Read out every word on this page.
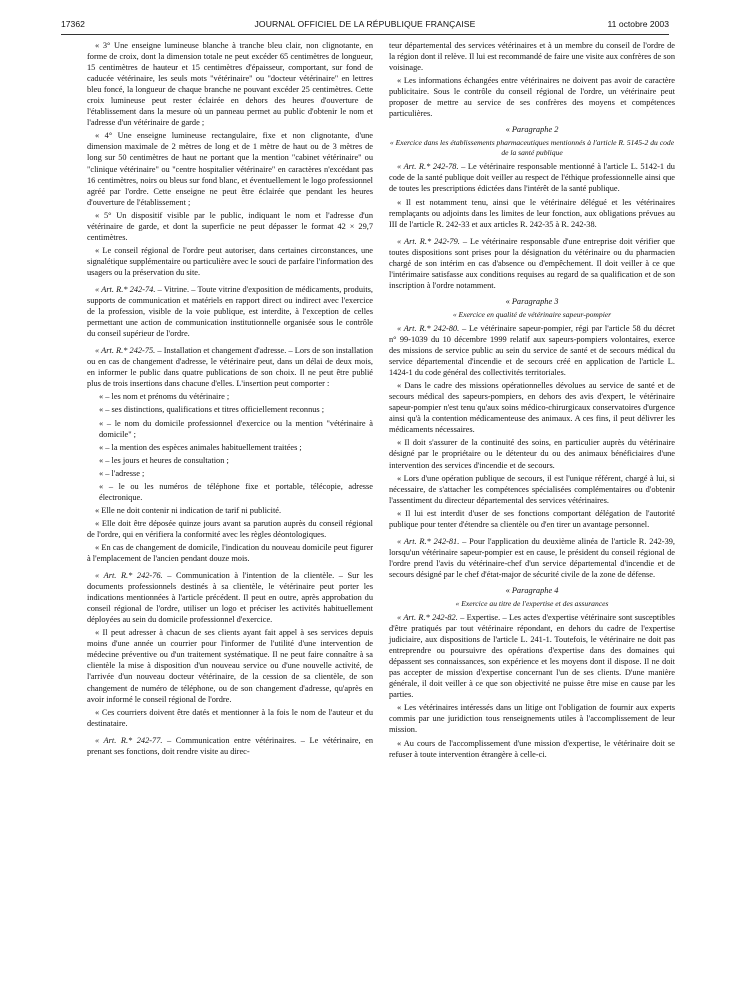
17362	JOURNAL OFFICIEL DE LA RÉPUBLIQUE FRANÇAISE	11 octobre 2003

« 3° Une enseigne lumineuse blanche à tranche bleu clair, non clignotante, en forme de croix, dont la dimension totale ne peut excéder 65 centimètres de longueur, 15 centimètres de hauteur et 15 centimètres d'épaisseur, comportant, sur fond de caducée vétérinaire, les seuls mots "vétérinaire" ou "docteur vétérinaire" en lettres bleu foncé, la longueur de chaque branche ne pouvant excéder 25 centimètres. Cette croix lumineuse peut rester éclairée en dehors des heures d'ouverture de l'établissement dans la mesure où un panneau permet au public d'obtenir le nom et l'adresse d'un vétérinaire de garde ;

« 4° Une enseigne lumineuse rectangulaire, fixe et non clignotante, d'une dimension maximale de 2 mètres de long et de 1 mètre de haut ou de 3 mètres de long sur 50 centimètres de haut ne portant que la mention "cabinet vétérinaire" ou "clinique vétérinaire" ou "centre hospitalier vétérinaire" en caractères n'excédant pas 16 centimètres, noirs ou bleus sur fond blanc, et éventuellement le logo professionnel agréé par l'ordre. Cette enseigne ne peut être éclairée que pendant les heures d'ouverture de l'établissement ;

« 5° Un dispositif visible par le public, indiquant le nom et l'adresse d'un vétérinaire de garde, et dont la superficie ne peut dépasser le format 42 × 29,7 centimètres.

« Le conseil régional de l'ordre peut autoriser, dans certaines circonstances, une signalétique supplémentaire ou particulière avec le souci de parfaire l'information des usagers ou la préservation du site.

« Art. R.* 242-74. – Vitrine. – Toute vitrine d'exposition de médicaments, produits, supports de communication et matériels en rapport direct ou indirect avec l'exercice de la profession, visible de la voie publique, est interdite, à l'exception de celles permettant une action de communication institutionnelle organisée sous le contrôle du conseil supérieur de l'ordre.

« Art. R.* 242-75. – Installation et changement d'adresse. – Lors de son installation ou en cas de changement d'adresse, le vétérinaire peut, dans un délai de deux mois, en informer le public dans quatre publications de son choix. Il ne peut être publié plus de trois insertions dans chacune d'elles. L'insertion peut comporter :

« – les nom et prénoms du vétérinaire ;

« – ses distinctions, qualifications et titres officiellement reconnus ;

« – le nom du domicile professionnel d'exercice ou la mention "vétérinaire à domicile" ;

« – la mention des espèces animales habituellement traitées ;

« – les jours et heures de consultation ;

« – l'adresse ;

« – le ou les numéros de téléphone fixe et portable, télécopie, adresse électronique.

« Elle ne doit contenir ni indication de tarif ni publicité.

« Elle doit être déposée quinze jours avant sa parution auprès du conseil régional de l'ordre, qui en vérifiera la conformité avec les règles déontologiques.

« En cas de changement de domicile, l'indication du nouveau domicile peut figurer à l'emplacement de l'ancien pendant douze mois.

« Art. R.* 242-76. – Communication à l'intention de la clientèle. – Sur les documents professionnels destinés à sa clientèle, le vétérinaire peut porter les indications mentionnées à l'article précédent. Il peut en outre, après approbation du conseil régional de l'ordre, utiliser un logo et préciser les activités habituellement déployées au sein du domicile professionnel d'exercice.

« Il peut adresser à chacun de ses clients ayant fait appel à ses services depuis moins d'une année un courrier pour l'informer de l'utilité d'une intervention de médecine préventive ou d'un traitement systématique. Il ne peut faire connaître à sa clientèle la mise à disposition d'un nouveau service ou d'une nouvelle activité, de l'arrivée d'un nouveau docteur vétérinaire, de la cession de sa clientèle, de son changement de numéro de téléphone, ou de son changement d'adresse, qu'après en avoir informé le conseil régional de l'ordre.

« Ces courriers doivent être datés et mentionner à la fois le nom de l'auteur et du destinataire.

« Art. R.* 242-77. – Communication entre vétérinaires. – Le vétérinaire, en prenant ses fonctions, doit rendre visite au direc-

teur départemental des services vétérinaires et à un membre du conseil de l'ordre de la région dont il relève. Il lui est recommandé de faire une visite aux confrères de son voisinage.

« Les informations échangées entre vétérinaires ne doivent pas avoir de caractère publicitaire. Sous le contrôle du conseil régional de l'ordre, un vétérinaire peut proposer de mettre au service de ses confrères des moyens et compétences particulières.

« Paragraphe 2

« Exercice dans les établissements pharmaceutiques mentionnés à l'article R. 5145-2 du code de la santé publique

« Art. R.* 242-78. – Le vétérinaire responsable mentionné à l'article L. 5142-1 du code de la santé publique doit veiller au respect de l'éthique professionnelle ainsi que de toutes les prescriptions édictées dans l'intérêt de la santé publique.

« Il est notamment tenu, ainsi que le vétérinaire délégué et les vétérinaires remplaçants ou adjoints dans les limites de leur fonction, aux obligations prévues au III de l'article R. 242-33 et aux articles R. 242-35 à R. 242-38.

« Art. R.* 242-79. – Le vétérinaire responsable d'une entreprise doit vérifier que toutes dispositions sont prises pour la désignation du vétérinaire ou du pharmacien chargé de son intérim en cas d'absence ou d'empêchement. Il doit veiller à ce que l'intérimaire satisfasse aux conditions requises au regard de sa qualification et de son inscription à l'ordre notamment.

« Paragraphe 3

« Exercice en qualité de vétérinaire sapeur-pompier

« Art. R.* 242-80. – Le vétérinaire sapeur-pompier, régi par l'article 58 du décret n° 99-1039 du 10 décembre 1999 relatif aux sapeurs-pompiers volontaires, exerce des missions de service public au sein du service de santé et de secours médical du service départemental d'incendie et de secours créé en application de l'article L. 1424-1 du code général des collectivités territoriales.

« Dans le cadre des missions opérationnelles dévolues au service de santé et de secours médical des sapeurs-pompiers, en dehors des avis d'expert, le vétérinaire sapeur-pompier n'est tenu qu'aux soins médico-chirurgicaux conservatoires d'urgence ainsi qu'à la contention médicamenteuse des animaux. A ces fins, il peut délivrer les médicaments nécessaires.

« Il doit s'assurer de la continuité des soins, en particulier auprès du vétérinaire désigné par le propriétaire ou le détenteur du ou des animaux bénéficiaires d'une intervention des services d'incendie et de secours.

« Lors d'une opération publique de secours, il est l'unique référent, chargé à lui, si nécessaire, de s'attacher les compétences spécialisées complémentaires ou d'obtenir l'assentiment du directeur départemental des services vétérinaires.

« Il lui est interdit d'user de ses fonctions comportant délégation de l'autorité publique pour tenter d'étendre sa clientèle ou d'en tirer un avantage personnel.

« Art. R.* 242-81. – Pour l'application du deuxième alinéa de l'article R. 242-39, lorsqu'un vétérinaire sapeur-pompier est en cause, le président du conseil régional de l'ordre prend l'avis du vétérinaire-chef d'un service départemental d'incendie et de secours désigné par le chef d'état-major de sécurité civile de la zone de défense.

« Paragraphe 4

« Exercice au titre de l'expertise et des assurances

« Art. R.* 242-82. – Expertise. – Les actes d'expertise vétérinaire sont susceptibles d'être pratiqués par tout vétérinaire répondant, en dehors du cadre de l'expertise judiciaire, aux dispositions de l'article L. 241-1. Toutefois, le vétérinaire ne doit pas entreprendre ou poursuivre des opérations d'expertise dans des domaines qui dépassent ses connaissances, son expérience et les moyens dont il dispose. Il ne doit pas accepter de mission d'expertise concernant l'un de ses clients. D'une manière générale, il doit veiller à ce que son objectivité ne puisse être mise en cause par les parties.

« Les vétérinaires intéressés dans un litige ont l'obligation de fournir aux experts commis par une juridiction tous renseignements utiles à l'accomplissement de leur mission.

« Au cours de l'accomplissement d'une mission d'expertise, le vétérinaire doit se refuser à toute intervention étrangère à celle-ci.
